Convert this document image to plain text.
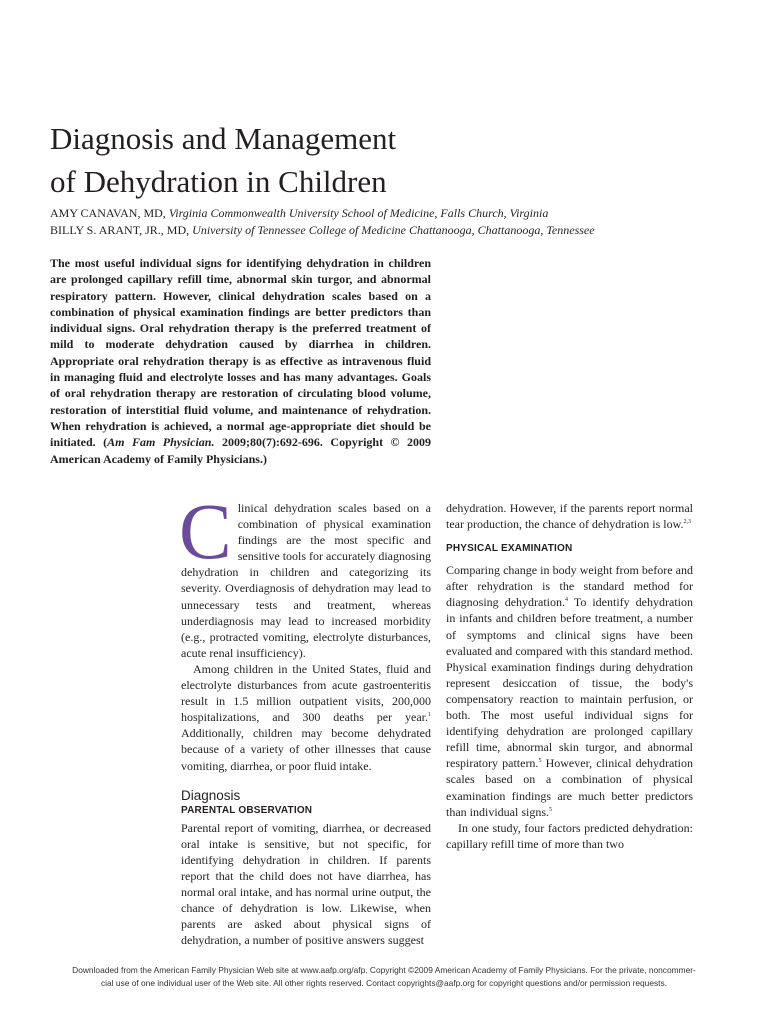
Diagnosis and Management
of Dehydration in Children
AMY CANAVAN, MD, Virginia Commonwealth University School of Medicine, Falls Church, Virginia
BILLY S. ARANT, JR., MD, University of Tennessee College of Medicine Chattanooga, Chattanooga, Tennessee

The most useful individual signs for identifying dehydration in children are prolonged capillary refill time, abnormal skin turgor, and abnormal respiratory pattern. However, clinical dehydration scales based on a combination of physical examination findings are better predictors than individual signs. Oral rehydration therapy is the preferred treatment of mild to moderate dehydration caused by diarrhea in children. Appropriate oral rehydration therapy is as effective as intravenous fluid in managing fluid and electrolyte losses and has many advantages. Goals of oral rehydration therapy are restoration of circulating blood volume, restoration of interstitial fluid volume, and maintenance of rehydration. When rehydration is achieved, a normal age-appropriate diet should be initiated. (Am Fam Physician. 2009;80(7):692-696. Copyright © 2009 American Academy of Family Physicians.)

Clinical dehydration scales based on a combination of physical examination findings are the most specific and sensitive tools for accurately diagnosing dehydration in children and categorizing its severity. Overdiagnosis of dehydration may lead to unnecessary tests and treatment, whereas underdiagnosis may lead to increased morbidity (e.g., protracted vomiting, electrolyte disturbances, acute renal insufficiency).

Among children in the United States, fluid and electrolyte disturbances from acute gastroenteritis result in 1.5 million outpatient visits, 200,000 hospitalizations, and 300 deaths per year.$^1$ Additionally, children may become dehydrated because of a variety of other illnesses that cause vomiting, diarrhea, or poor fluid intake.

Diagnosis
PARENTAL OBSERVATION

Parental report of vomiting, diarrhea, or decreased oral intake is sensitive, but not specific, for identifying dehydration in children. If parents report that the child does not have diarrhea, has normal oral intake, and has normal urine output, the chance of dehydration is low. Likewise, when parents are asked about physical signs of dehydration, a number of positive answers suggest

dehydration. However, if the parents report normal tear production, the chance of dehydration is low.$^{2,3}$

PHYSICAL EXAMINATION

Comparing change in body weight from before and after rehydration is the standard method for diagnosing dehydration.$^4$ To identify dehydration in infants and children before treatment, a number of symptoms and clinical signs have been evaluated and compared with this standard method. Physical examination findings during dehydration represent desiccation of tissue, the body's compensatory reaction to maintain perfusion, or both. The most useful individual signs for identifying dehydration are prolonged capillary refill time, abnormal skin turgor, and abnormal respiratory pattern.$^5$ However, clinical dehydration scales based on a combination of physical examination findings are much better predictors than individual signs.$^5$

In one study, four factors predicted dehydration: capillary refill time of more than two

Downloaded from the American Family Physician Web site at www.aafp.org/afp. Copyright ©2009 American Academy of Family Physicians. For the private, noncommer-
cial use of one individual user of the Web site. All other rights reserved. Contact copyrights@aafp.org for copyright questions and/or permission requests.
